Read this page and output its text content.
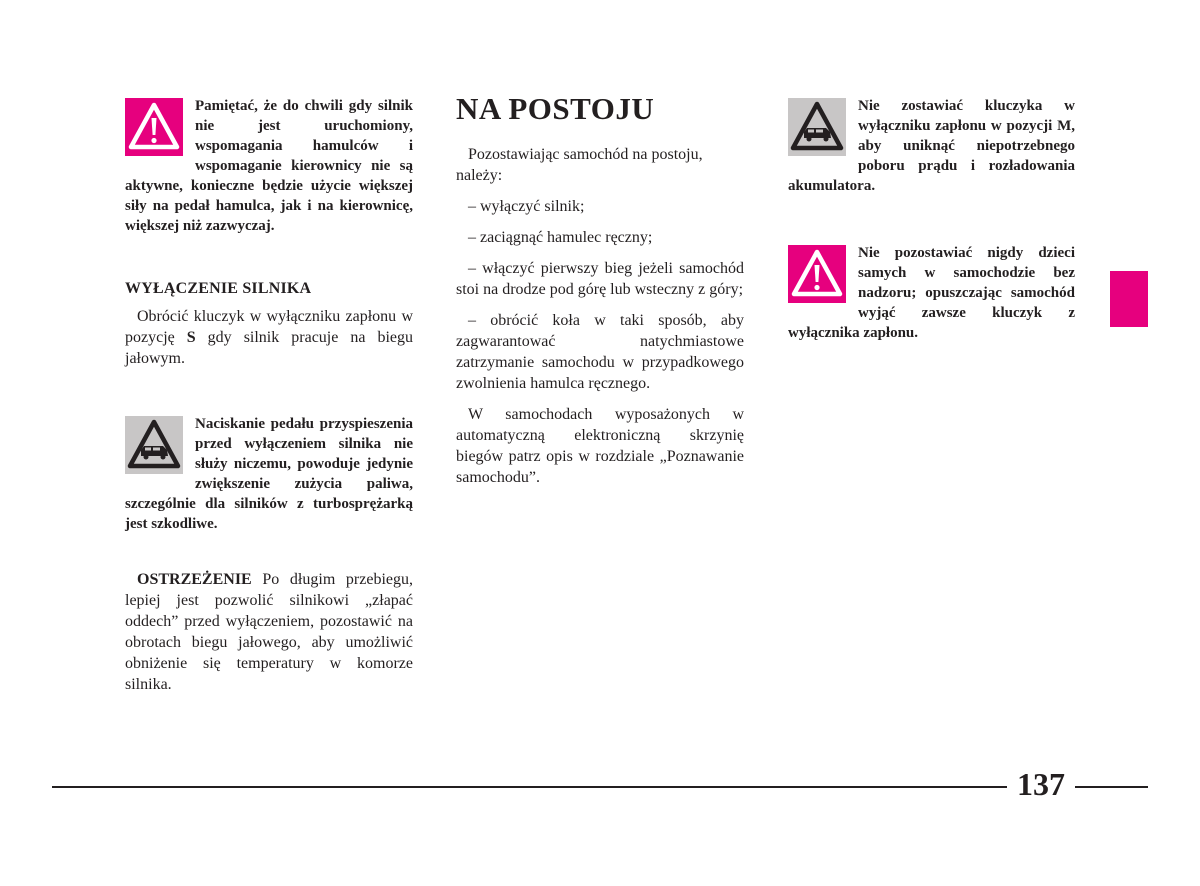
Pamiętać, że do chwili gdy silnik nie jest uruchomiony, wspomagania hamulców i wspomaganie kierownicy nie są aktywne, konieczne będzie użycie większej siły na pedał hamulca, jak i na kierownicę, większej niż zazwyczaj.

WYŁĄCZENIE SILNIKA

Obrócić kluczyk w wyłączniku zapłonu w pozycję S gdy silnik pracuje na biegu jałowym.

Naciskanie pedału przyspieszenia przed wyłączeniem silnika nie służy niczemu, powoduje jedynie zwiększenie zużycia paliwa, szczególnie dla silników z turbosprężarką jest szkodliwe.

OSTRZEŻENIE Po długim przebiegu, lepiej jest pozwolić silnikowi „złapać oddech” przed wyłączeniem, pozostawić na obrotach biegu jałowego, aby umożliwić obniżenie się temperatury w komorze silnika.

NA POSTOJU

Pozostawiając samochód na postoju, należy:

– wyłączyć silnik;

– zaciągnąć hamulec ręczny;

– włączyć pierwszy bieg jeżeli samochód stoi na drodze pod górę lub wsteczny z góry;

– obrócić koła w taki sposób, aby zagwarantować natychmiastowe zatrzymanie samochodu w przypadkowego zwolnienia hamulca ręcznego.

W samochodach wyposażonych w automatyczną elektroniczną skrzynię biegów patrz opis w rozdziale „Poznawanie samochodu”.

Nie zostawiać kluczyka w wyłączniku zapłonu w pozycji M, aby uniknąć niepotrzebnego poboru prądu i rozładowania akumulatora.

Nie pozostawiać nigdy dzieci samych w samochodzie bez nadzoru; opuszczając samochód wyjąć zawsze kluczyk z wyłącznika zapłonu.

137
